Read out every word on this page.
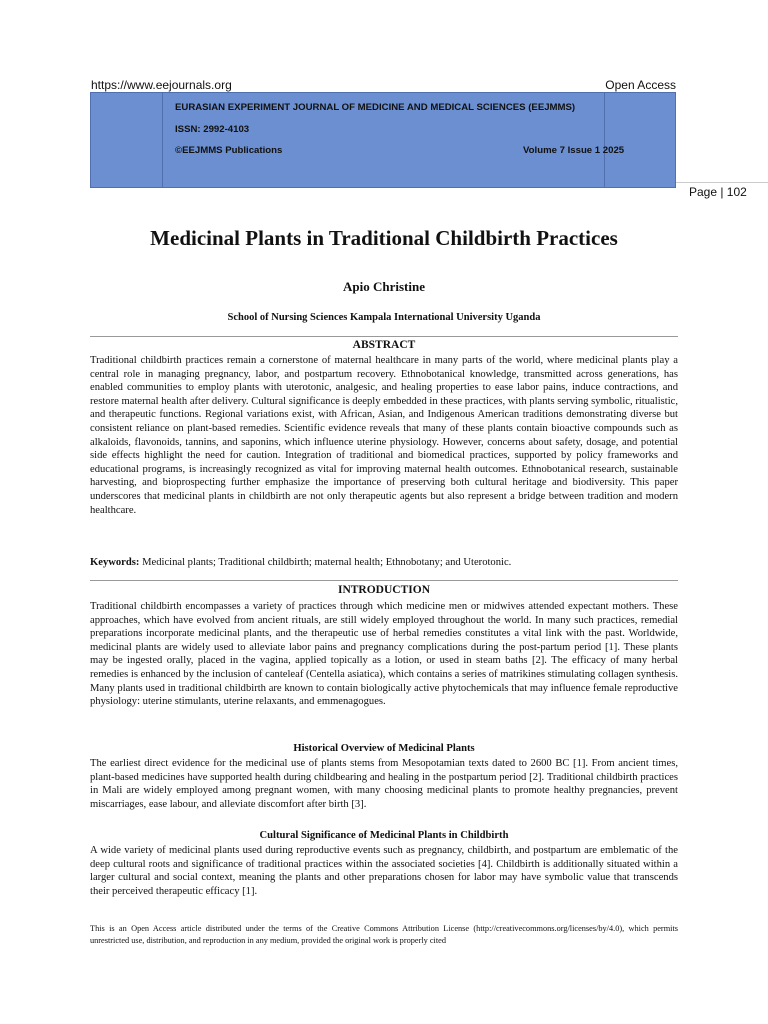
https://www.eejournals.org	Open Access
EURASIAN EXPERIMENT JOURNAL OF MEDICINE AND MEDICAL SCIENCES (EEJMMS)
ISSN: 2992-4103
©EEJMMS Publications	Volume 7 Issue 1 2025
Page | 102
Medicinal Plants in Traditional Childbirth Practices
Apio Christine
School of Nursing Sciences Kampala International University Uganda
ABSTRACT

Traditional childbirth practices remain a cornerstone of maternal healthcare in many parts of the world, where medicinal plants play a central role in managing pregnancy, labor, and postpartum recovery. Ethnobotanical knowledge, transmitted across generations, has enabled communities to employ plants with uterotonic, analgesic, and healing properties to ease labor pains, induce contractions, and restore maternal health after delivery. Cultural significance is deeply embedded in these practices, with plants serving symbolic, ritualistic, and therapeutic functions. Regional variations exist, with African, Asian, and Indigenous American traditions demonstrating diverse but consistent reliance on plant-based remedies. Scientific evidence reveals that many of these plants contain bioactive compounds such as alkaloids, flavonoids, tannins, and saponins, which influence uterine physiology. However, concerns about safety, dosage, and potential side effects highlight the need for caution. Integration of traditional and biomedical practices, supported by policy frameworks and educational programs, is increasingly recognized as vital for improving maternal health outcomes. Ethnobotanical research, sustainable harvesting, and bioprospecting further emphasize the importance of preserving both cultural heritage and biodiversity. This paper underscores that medicinal plants in childbirth are not only therapeutic agents but also represent a bridge between tradition and modern healthcare.

Keywords: Medicinal plants; Traditional childbirth; maternal health; Ethnobotany; and Uterotonic.

INTRODUCTION

Traditional childbirth encompasses a variety of practices through which medicine men or midwives attended expectant mothers. These approaches, which have evolved from ancient rituals, are still widely employed throughout the world. In many such practices, remedial preparations incorporate medicinal plants, and the therapeutic use of herbal remedies constitutes a vital link with the past. Worldwide, medicinal plants are widely used to alleviate labor pains and pregnancy complications during the post-partum period [1]. These plants may be ingested orally, placed in the vagina, applied topically as a lotion, or used in steam baths [2]. The efficacy of many herbal remedies is enhanced by the inclusion of canteleaf (Centella asiatica), which contains a series of matrikines stimulating collagen synthesis. Many plants used in traditional childbirth are known to contain biologically active phytochemicals that may influence female reproductive physiology: uterine stimulants, uterine relaxants, and emmenagogues.

Historical Overview of Medicinal Plants

The earliest direct evidence for the medicinal use of plants stems from Mesopotamian texts dated to 2600 BC [1]. From ancient times, plant-based medicines have supported health during childbearing and healing in the postpartum period [2]. Traditional childbirth practices in Mali are widely employed among pregnant women, with many choosing medicinal plants to promote healthy pregnancies, prevent miscarriages, ease labour, and alleviate discomfort after birth [3].

Cultural Significance of Medicinal Plants in Childbirth

A wide variety of medicinal plants used during reproductive events such as pregnancy, childbirth, and postpartum are emblematic of the deep cultural roots and significance of traditional practices within the associated societies [4]. Childbirth is additionally situated within a larger cultural and social context, meaning the plants and other preparations chosen for labor may have symbolic value that transcends their perceived therapeutic efficacy [1].

This is an Open Access article distributed under the terms of the Creative Commons Attribution License (http://creativecommons.org/licenses/by/4.0), which permits unrestricted use, distribution, and reproduction in any medium, provided the original work is properly cited
